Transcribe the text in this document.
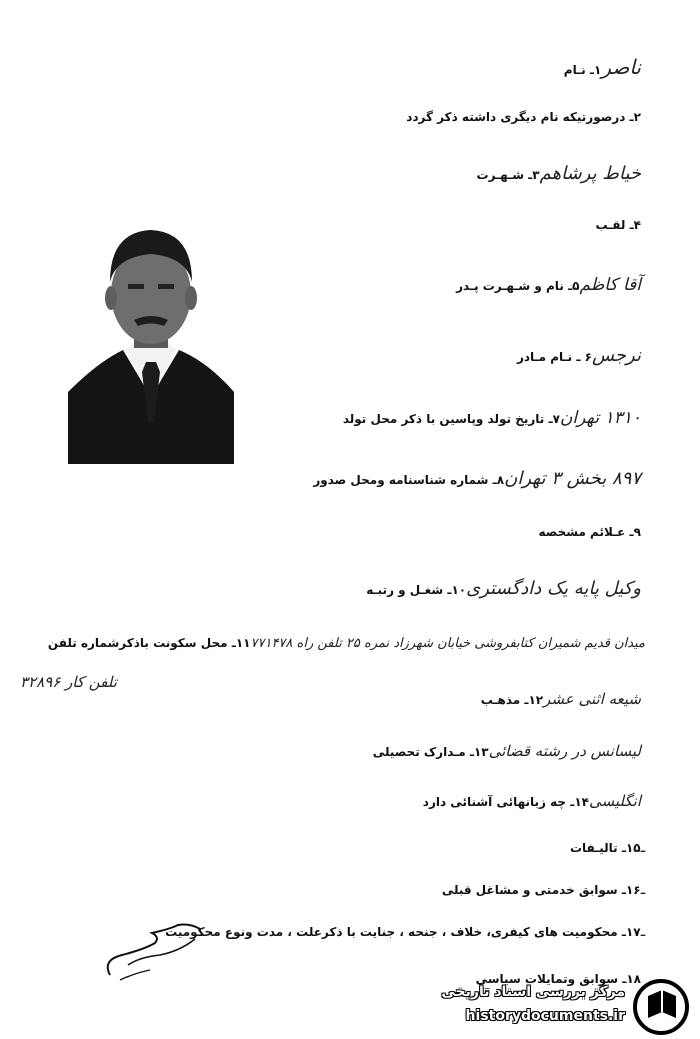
۱ـ نـام ناصر
۲ـ درصورتیکه نام دیگری داشته ذکر گردد
۳ـ شـهـرت خیاط پرشاهم
۴ـ لقـب
۵ـ نام و شـهـرت پـدر آقا کاظم
۶ ـ نـام مـادر نرجس
۷ـ تاریخ تولد وپاسین با ذکر محل تولد ۱۳۱۰ تهران
۸ـ شماره شناسنامه ومحل صدور ۸۹۷ بخش ۳ تهران
۹ـ عـلائم مشخصه
۱۰ـ شغـل و رتبـه وکیل پایه یک دادگستری
۱۱ـ محل سکونت باذکرشماره تلفن میدان قدیم شمیران کتابفروشی خیابان شهرزاد نمره ۲۵ تلفن راه ۷۷۱۴۷۸
تلفن کار ۳۲۸۹۶
۱۲ـ مذهـب شیعه اثنی عشر
۱۳ـ مـدارک تحصیلی لیسانس در رشته قضائی
۱۴ـ چه زبانهائی آشنائی دارد انگلیسی
۱۵ـ تالیـفات ـ
۱۶ـ سوابق خدمتی و مشاغل قبلی ـ
۱۷ـ محکومیت های کیفری، خلاف ، جنحه ، جنایت با ذکرعلت ، مدت ونوع محکومیت ـ
۱۸ـ سوابق وتمایلات سیاسی
مرکز بررسی اسناد تاریخی
historydocuments.ir
